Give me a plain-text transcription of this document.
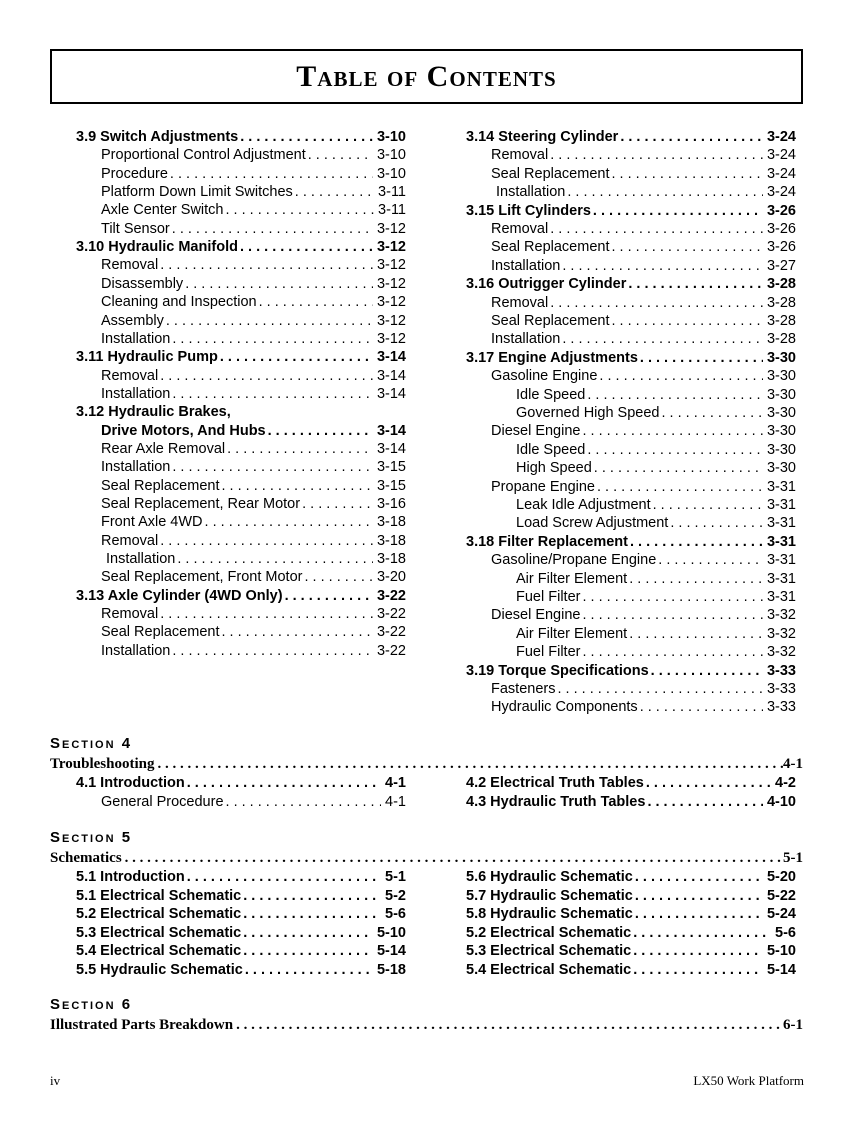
Table of Contents
3.9 Switch Adjustments . . .	3-10
Proportional Control Adjustment . . .	3-10
Procedure . . .	3-10
Platform Down Limit Switches . . .	3-11
Axle Center Switch . . .	3-11
Tilt Sensor . . .	3-12
3.10 Hydraulic Manifold . . .	3-12
Removal . . .	3-12
Disassembly . . .	3-12
Cleaning and Inspection . . .	3-12
Assembly . . .	3-12
Installation . . .	3-12
3.11 Hydraulic Pump . . .	3-14
Removal . . .	3-14
Installation . . .	3-14
3.12 Hydraulic Brakes,
Drive Motors, And Hubs . . .	3-14
Rear Axle Removal . . .	3-14
Installation . . .	3-15
Seal Replacement . . .	3-15
Seal Replacement, Rear Motor . . .	3-16
Front Axle 4WD . . .	3-18
Removal . . .	3-18
Installation . . .	3-18
Seal Replacement, Front Motor . . .	3-20
3.13 Axle Cylinder (4WD Only) . . .	3-22
Removal . . .	3-22
Seal Replacement . . .	3-22
Installation . . .	3-22
3.14 Steering Cylinder . . .	3-24
Removal . . .	3-24
Seal Replacement . . .	3-24
Installation . . .	3-24
3.15 Lift Cylinders . . .	3-26
Removal . . .	3-26
Seal Replacement . . .	3-26
Installation . . .	3-27
3.16 Outrigger Cylinder . . .	3-28
Removal . . .	3-28
Seal Replacement . . .	3-28
Installation . . .	3-28
3.17 Engine Adjustments . . .	3-30
Gasoline Engine . . .	3-30
Idle Speed . . .	3-30
Governed High Speed . . .	3-30
Diesel Engine . . .	3-30
Idle Speed . . .	3-30
High Speed . . .	3-30
Propane Engine . . .	3-31
Leak Idle Adjustment . . .	3-31
Load Screw Adjustment . . .	3-31
3.18 Filter Replacement . . .	3-31
Gasoline/Propane Engine . . .	3-31
Air Filter Element . . .	3-31
Fuel Filter . . .	3-31
Diesel Engine . . .	3-32
Air Filter Element . . .	3-32
Fuel Filter . . .	3-32
3.19 Torque Specifications . . .	3-33
Fasteners . . .	3-33
Hydraulic Components . . .	3-33
Section 4
Troubleshooting . . .	4-1
4.1 Introduction . . .	4-1
General Procedure . . .	4-1
4.2 Electrical Truth Tables . . .	4-2
4.3 Hydraulic Truth Tables . . .	4-10
Section 5
Schematics . . .	5-1
5.1 Introduction . . .	5-1
5.1 Electrical Schematic . . .	5-2
5.2 Electrical Schematic . . .	5-6
5.3 Electrical Schematic . . .	5-10
5.4 Electrical Schematic . . .	5-14
5.5 Hydraulic Schematic . . .	5-18
5.6 Hydraulic Schematic . . .	5-20
5.7 Hydraulic Schematic . . .	5-22
5.8 Hydraulic Schematic . . .	5-24
5.2 Electrical Schematic . . .	5-6
5.3 Electrical Schematic . . .	5-10
5.4 Electrical Schematic . . .	5-14
Section 6
Illustrated Parts Breakdown . . .	6-1
iv	LX50 Work Platform
